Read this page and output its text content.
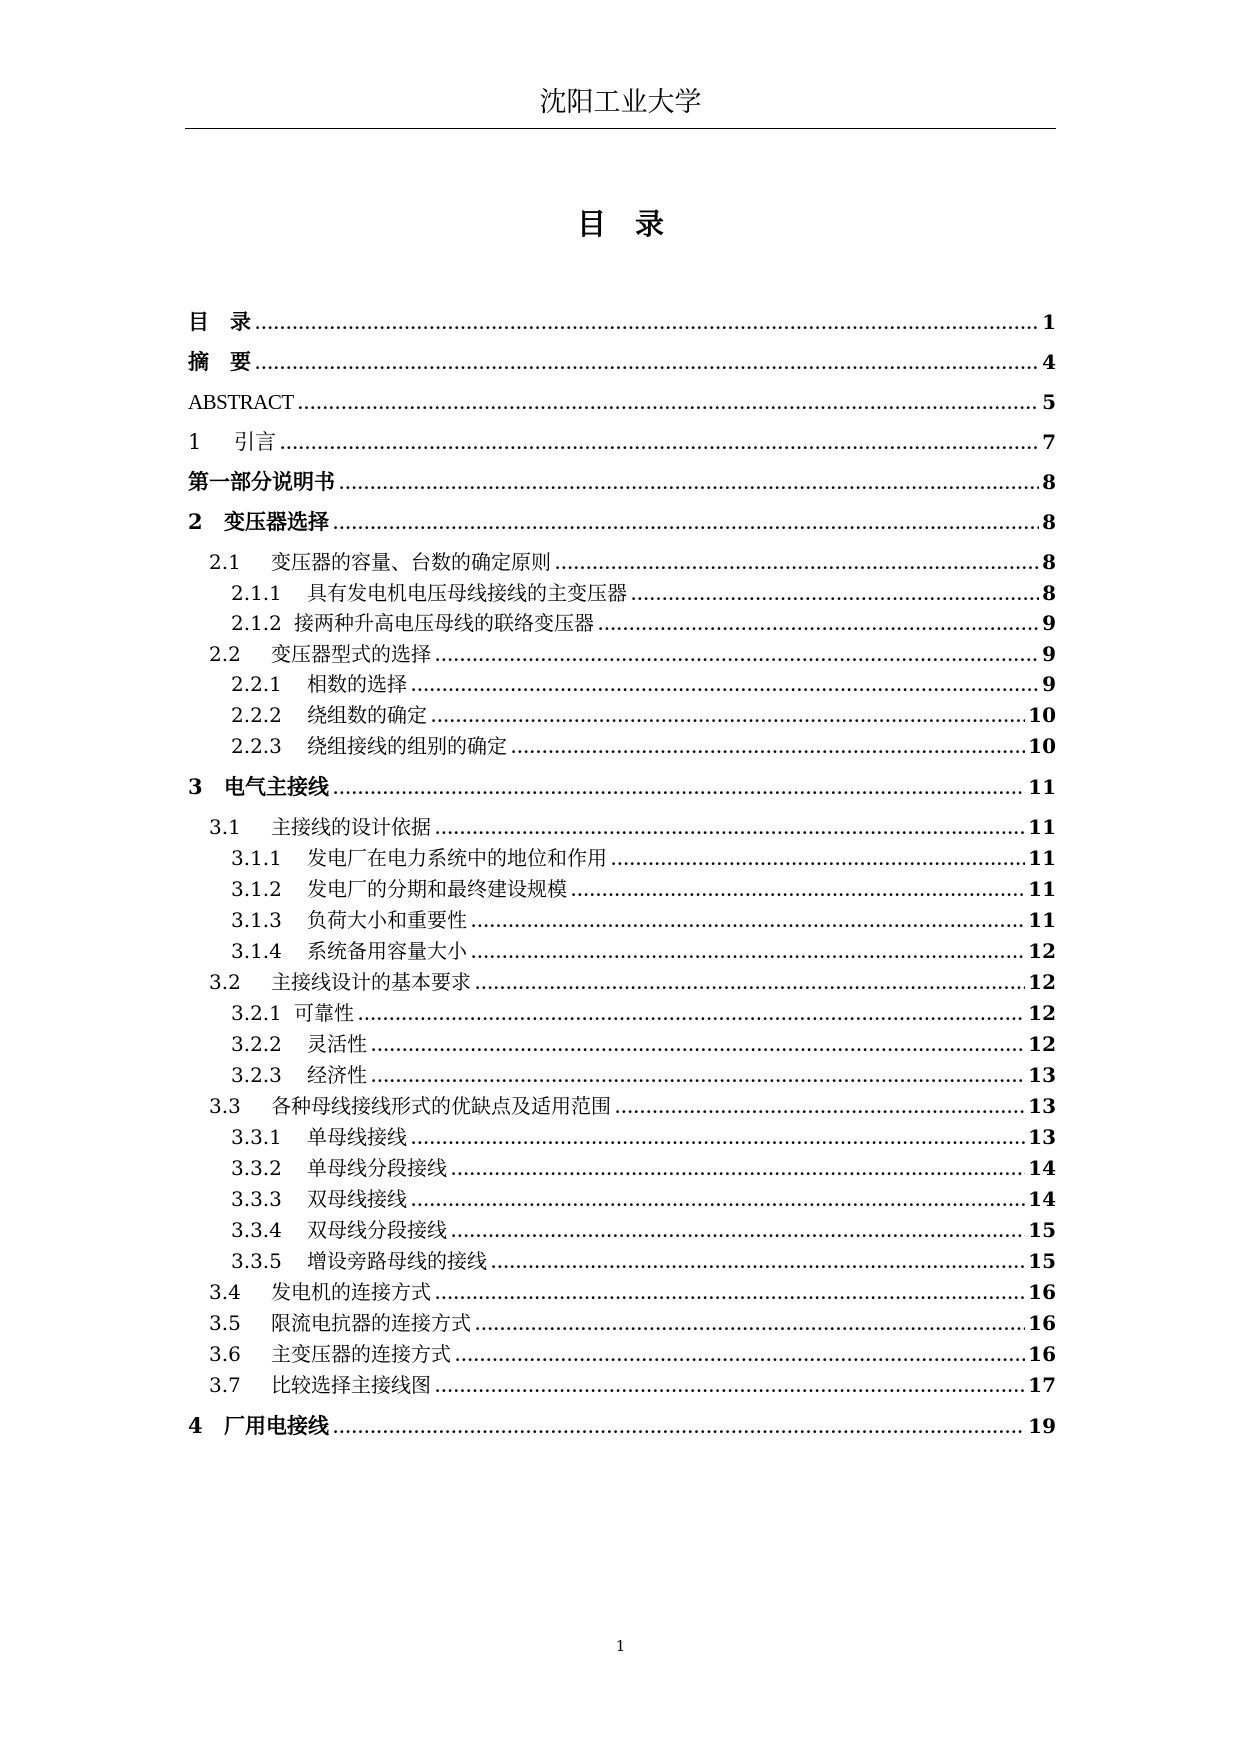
沈阳工业大学
目　录
目　录 .....	1
摘　要 .....	4
ABSTRACT .....	5
1	引言 .....	7
第一部分说明书 .....	8
2	变压器选择 .....	8
2.1	变压器的容量、台数的确定原则 .....	8
2.1.1	具有发电机电压母线接线的主变压器 .....	8
2.1.2 接两种升高电压母线的联络变压器 .....	9
2.2	变压器型式的选择 .....	9
2.2.1	相数的选择 .....	9
2.2.2	绕组数的确定 .....	10
2.2.3	绕组接线的组别的确定 .....	10
3	电气主接线 .....	11
3.1	主接线的设计依据 .....	11
3.1.1	发电厂在电力系统中的地位和作用 .....	11
3.1.2	发电厂的分期和最终建设规模 .....	11
3.1.3	负荷大小和重要性 .....	11
3.1.4	系统备用容量大小 .....	12
3.2	主接线设计的基本要求 .....	12
3.2.1 可靠性 .....	12
3.2.2	灵活性 .....	12
3.2.3	经济性 .....	13
3.3	各种母线接线形式的优缺点及适用范围 .....	13
3.3.1	单母线接线 .....	13
3.3.2	单母线分段接线 .....	14
3.3.3	双母线接线 .....	14
3.3.4	双母线分段接线 .....	15
3.3.5	增设旁路母线的接线 .....	15
3.4	发电机的连接方式 .....	16
3.5	限流电抗器的连接方式 .....	16
3.6	主变压器的连接方式 .....	16
3.7	比较选择主接线图 .....	17
4	厂用电接线 .....	19
1
